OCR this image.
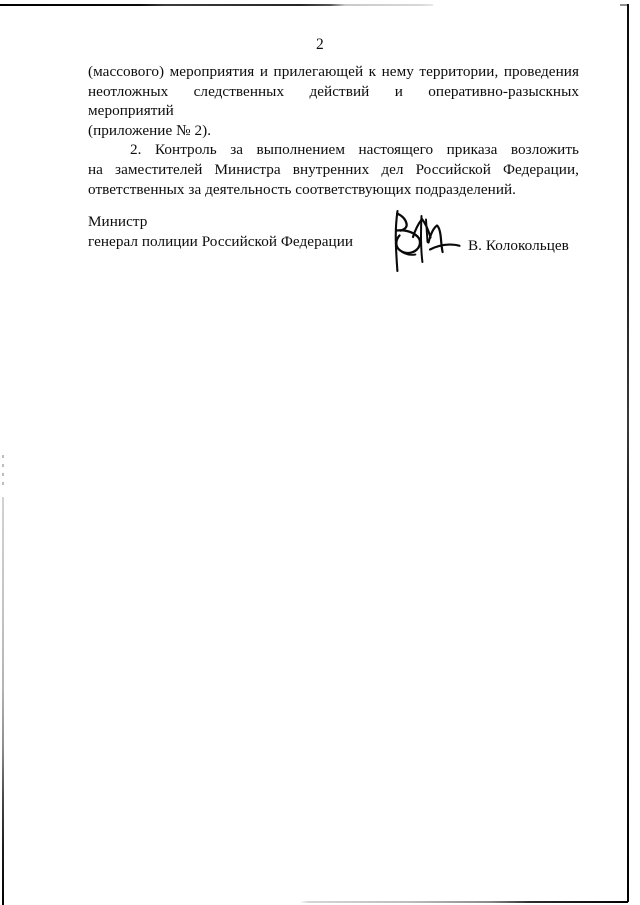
2

(массового) мероприятия и прилегающей к нему территории, проведения
неотложных следственных действий и оперативно-разыскных мероприятий
(приложение № 2).

2. Контроль за выполнением настоящего приказа возложить
на заместителей Министра внутренних дел Российской Федерации,
ответственных за деятельность соответствующих подразделений.

Министр
генерал полиции Российской Федерации	В. Колокольцев
